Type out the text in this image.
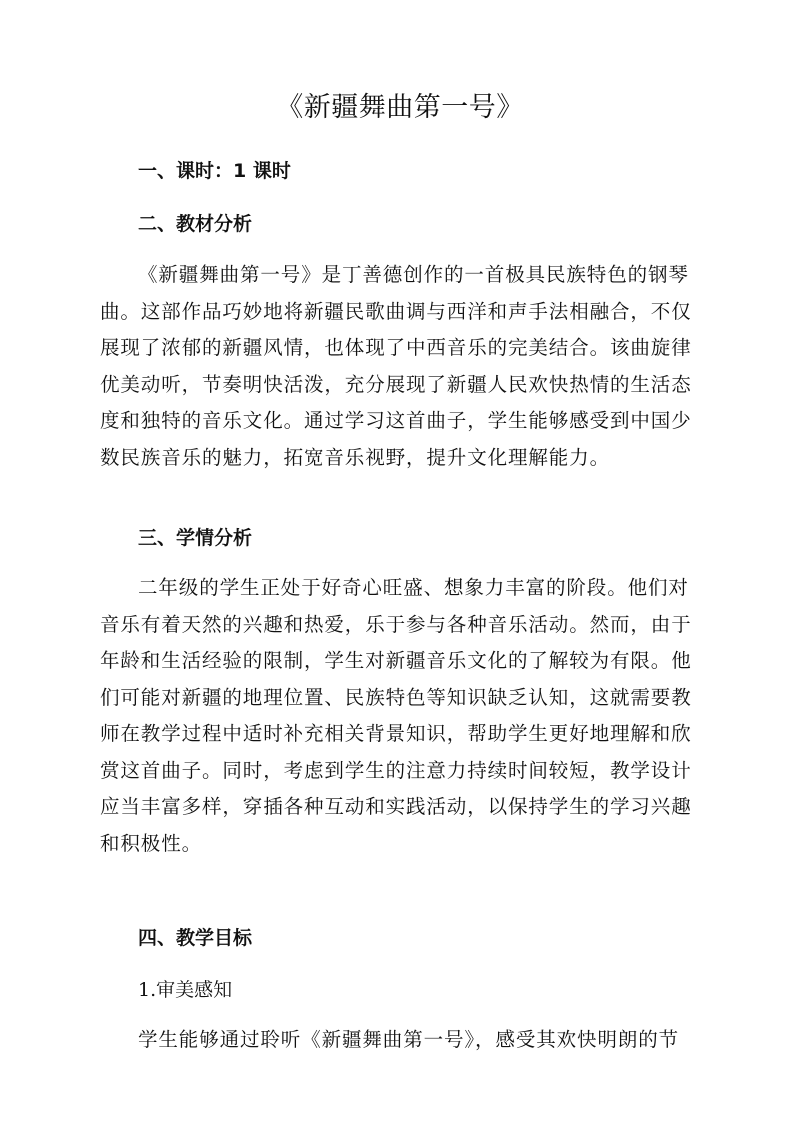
《新疆舞曲第一号》
一、课时：1 课时
二、教材分析
《新疆舞曲第一号》是丁善德创作的一首极具民族特色的钢琴
曲。这部作品巧妙地将新疆民歌曲调与西洋和声手法相融合，不仅
展现了浓郁的新疆风情，也体现了中西音乐的完美结合。该曲旋律
优美动听，节奏明快活泼，充分展现了新疆人民欢快热情的生活态
度和独特的音乐文化。通过学习这首曲子，学生能够感受到中国少
数民族音乐的魅力，拓宽音乐视野，提升文化理解能力。
三、学情分析
二年级的学生正处于好奇心旺盛、想象力丰富的阶段。他们对
音乐有着天然的兴趣和热爱，乐于参与各种音乐活动。然而，由于
年龄和生活经验的限制，学生对新疆音乐文化的了解较为有限。他
们可能对新疆的地理位置、民族特色等知识缺乏认知，这就需要教
师在教学过程中适时补充相关背景知识，帮助学生更好地理解和欣
赏这首曲子。同时，考虑到学生的注意力持续时间较短，教学设计
应当丰富多样，穿插各种互动和实践活动，以保持学生的学习兴趣
和积极性。
四、教学目标
1.审美感知
学生能够通过聆听《新疆舞曲第一号》，感受其欢快明朗的节
